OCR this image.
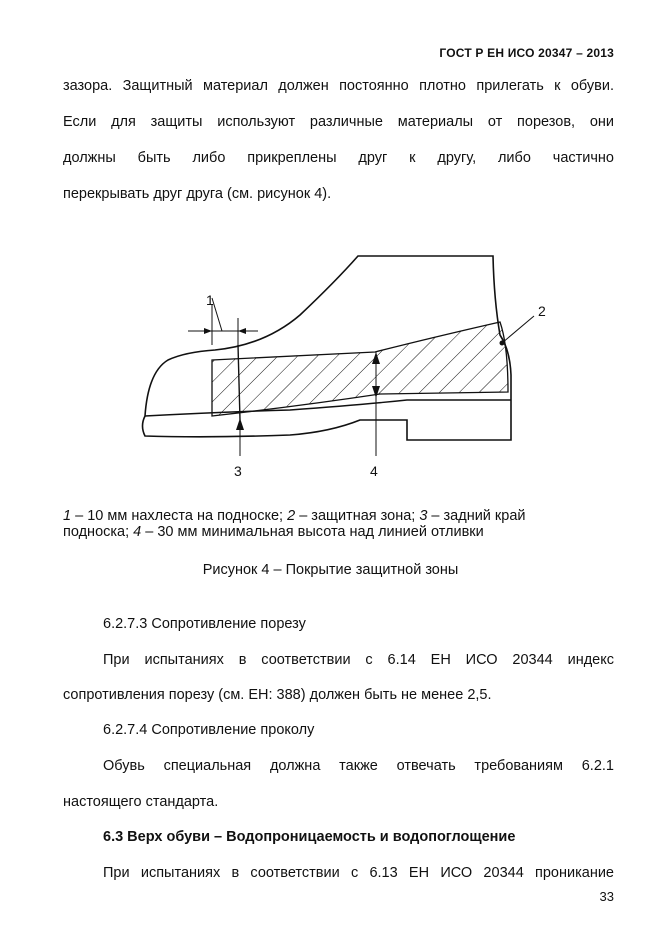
ГОСТ Р ЕН ИСО 20347 – 2013
зазора. Защитный материал должен постоянно плотно прилегать к обуви.
Если для защиты используют различные материалы от порезов, они
должны быть либо прикреплены друг к другу, либо частично
перекрывать друг друга (см. рисунок 4).
1
2
3	4
1 – 10 мм нахлеста на подноске; 2 – защитная зона; 3 – задний край
подноска; 4 – 30 мм минимальная высота над линией отливки
Рисунок 4 – Покрытие защитной зоны
6.2.7.3 Сопротивление порезу
При испытаниях в соответствии с 6.14 ЕН ИСО 20344 индекс
сопротивления порезу (см. ЕН: 388) должен быть не менее 2,5.
6.2.7.4 Сопротивление проколу
Обувь специальная должна также отвечать требованиям 6.2.1
настоящего стандарта.
6.3 Верх обуви – Водопроницаемость и водопоглощение
При испытаниях в соответствии с 6.13 ЕН ИСО 20344 проникание
33
